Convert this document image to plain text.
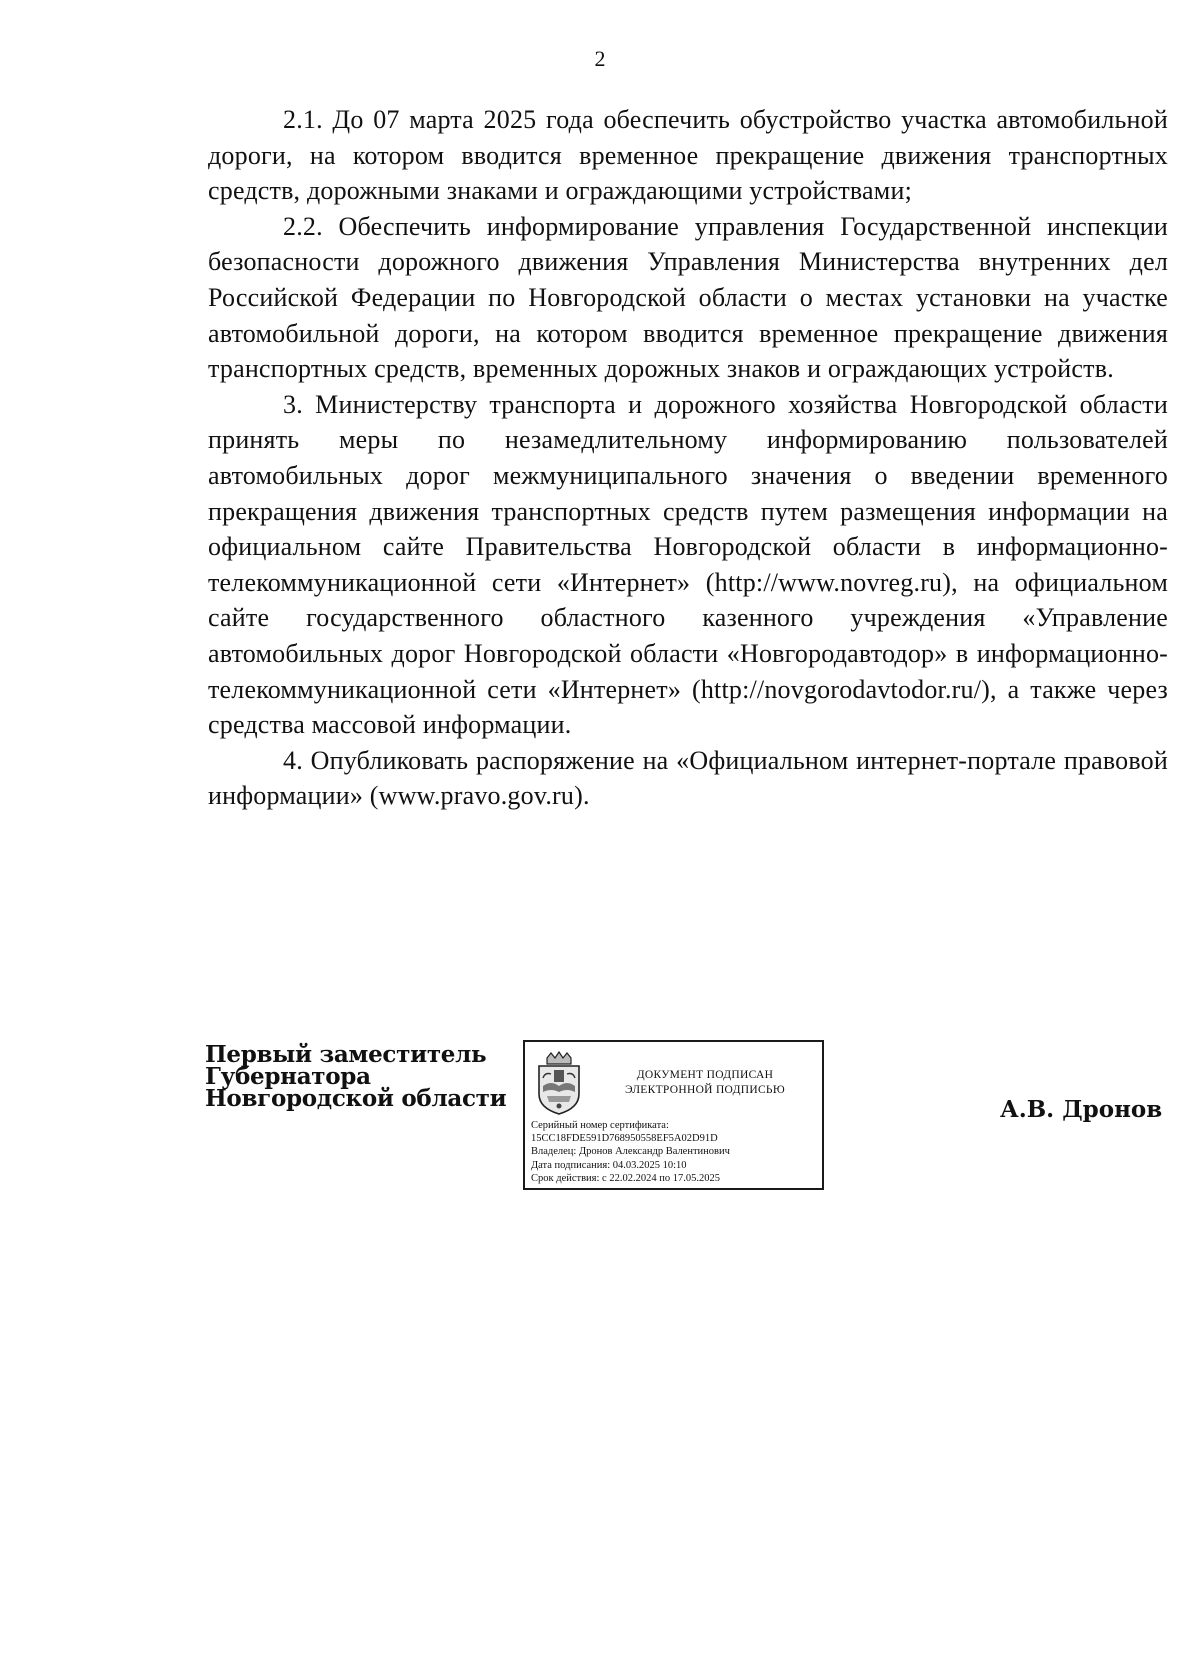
2

2.1. До 07 марта 2025 года обеспечить обустройство участка автомобильной дороги, на котором вводится временное прекращение движения транспортных средств, дорожными знаками и ограждающими устройствами;

2.2. Обеспечить информирование управления Государственной инспекции безопасности дорожного движения Управления Министерства внутренних дел Российской Федерации по Новгородской области о местах установки на участке автомобильной дороги, на котором вводится временное прекращение движения транспортных средств, временных дорожных знаков и ограждающих устройств.

3. Министерству транспорта и дорожного хозяйства Новгородской области принять меры по незамедлительному информированию пользователей автомобильных дорог межмуниципального значения о введении временного прекращения движения транспортных средств путем размещения информации на официальном сайте Правительства Новгородской области в информационно-телекоммуникационной сети «Интернет» (http://www.novreg.ru), на официальном сайте государственного областного казенного учреждения «Управление автомобильных дорог Новгородской области «Новгородавтодор» в информационно-телекоммуникационной сети «Интернет» (http://novgorodavtodor.ru/), а также через средства массовой информации.

4. Опубликовать распоряжение на «Официальном интернет-портале правовой информации» (www.pravo.gov.ru).

Первый заместитель
Губернатора
Новгородской области
ДОКУМЕНТ ПОДПИСАН
ЭЛЕКТРОННОЙ ПОДПИСЬЮ
Серийный номер сертификата:
15CC18FDE591D768950558EF5A02D91D
Владелец: Дронов Александр Валентинович
Дата подписания: 04.03.2025 10:10
Срок действия: с 22.02.2024 по 17.05.2025
А.В. Дронов
